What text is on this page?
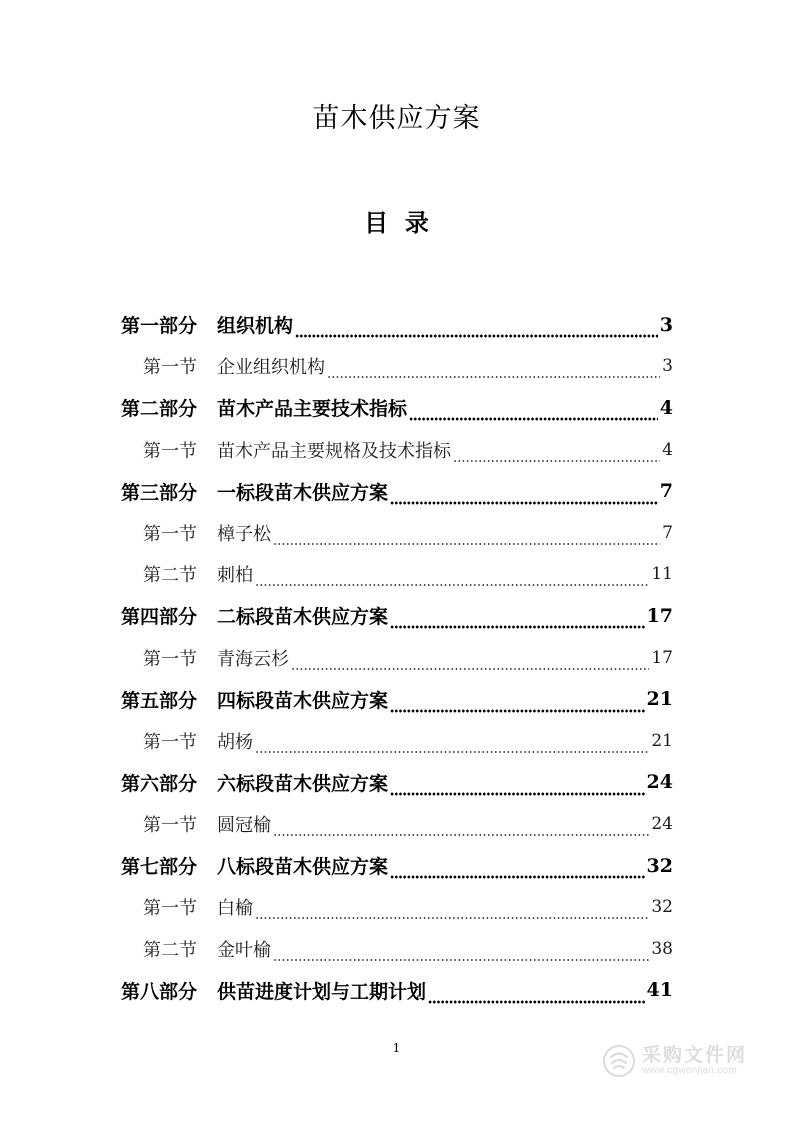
苗木供应方案
目  录
第一部分	组织机构	3
第一节	企业组织机构	3
第二部分	苗木产品主要技术指标	4
第一节	苗木产品主要规格及技术指标	4
第三部分	一标段苗木供应方案	7
第一节	樟子松	7
第二节	刺柏	11
第四部分	二标段苗木供应方案	17
第一节	青海云杉	17
第五部分	四标段苗木供应方案	21
第一节	胡杨	21
第六部分	六标段苗木供应方案	24
第一节	圆冠榆	24
第七部分	八标段苗木供应方案	32
第一节	白榆	32
第二节	金叶榆	38
第八部分	供苗进度计划与工期计划	41
1	采购文件网
www.cgwenjian.com
